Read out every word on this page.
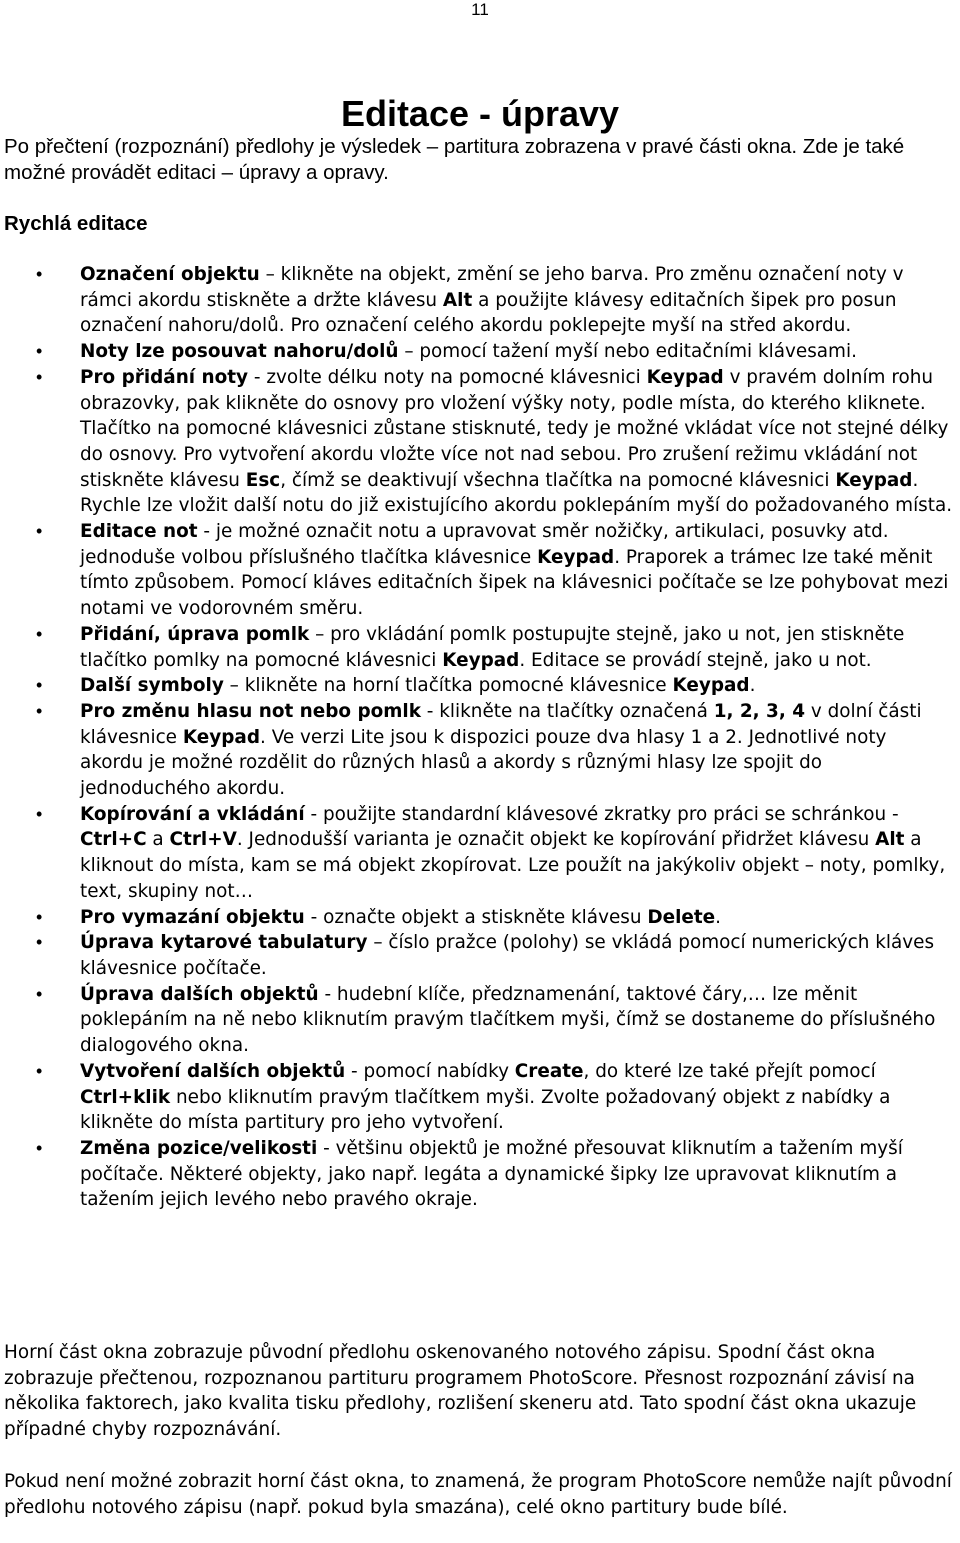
11
Editace - úpravy

Po přečtení (rozpoznání) předlohy je výsledek – partitura zobrazena v pravé části okna. Zde je také možné provádět editaci – úpravy a opravy.

Rychlá editace
• Označení objektu – klikněte na objekt, změní se jeho barva. Pro změnu označení noty v rámci akordu stiskněte a držte klávesu Alt a použijte klávesy editačních šipek pro posun označení nahoru/dolů. Pro označení celého akordu poklepejte myší na střed akordu.
• Noty lze posouvat nahoru/dolů – pomocí tažení myší nebo editačními klávesami.
• Pro přidání noty - zvolte délku noty na pomocné klávesnici Keypad v pravém dolním rohu obrazovky, pak klikněte do osnovy pro vložení výšky noty, podle místa, do kterého kliknete. Tlačítko na pomocné klávesnici zůstane stisknuté, tedy je možné vkládat více not stejné délky do osnovy. Pro vytvoření akordu vložte více not nad sebou. Pro zrušení režimu vkládání not stiskněte klávesu Esc, čímž se deaktivují všechna tlačítka na pomocné klávesnici Keypad. Rychle lze vložit další notu do již existujícího akordu poklepáním myší do požadovaného místa.
• Editace not - je možné označit notu a upravovat směr nožičky, artikulaci, posuvky atd. jednoduše volbou příslušného tlačítka klávesnice Keypad. Praporek a trámec lze také měnit tímto způsobem. Pomocí kláves editačních šipek na klávesnici počítače se lze pohybovat mezi notami ve vodorovném směru.
• Přidání, úprava pomlk – pro vkládání pomlk postupujte stejně, jako u not, jen stiskněte tlačítko pomlky na pomocné klávesnici Keypad. Editace se provádí stejně, jako u not.
• Další symboly – klikněte na horní tlačítka pomocné klávesnice Keypad.
• Pro změnu hlasu not nebo pomlk - klikněte na tlačítky označená 1, 2, 3, 4 v dolní části klávesnice Keypad. Ve verzi Lite jsou k dispozici pouze dva hlasy 1 a 2. Jednotlivé noty akordu je možné rozdělit do různých hlasů a akordy s různými hlasy lze spojit do jednoduchého akordu.
• Kopírování a vkládání - použijte standardní klávesové zkratky pro práci se schránkou - Ctrl+C a Ctrl+V. Jednodušší varianta je označit objekt ke kopírování přidržet klávesu Alt a kliknout do místa, kam se má objekt zkopírovat. Lze použít na jakýkoliv objekt – noty, pomlky, text, skupiny not…
• Pro vymazání objektu - označte objekt a stiskněte klávesu Delete.
• Úprava kytarové tabulatury – číslo pražce (polohy) se vkládá pomocí numerických kláves klávesnice počítače.
• Úprava dalších objektů - hudební klíče, předznamenání, taktové čáry,… lze měnit poklepáním na ně nebo kliknutím pravým tlačítkem myši, čímž se dostaneme do příslušného dialogového okna.
• Vytvoření dalších objektů - pomocí nabídky Create, do které lze také přejít pomocí Ctrl+klik nebo kliknutím pravým tlačítkem myši. Zvolte požadovaný objekt z nabídky a klikněte do místa partitury pro jeho vytvoření.
• Změna pozice/velikosti - většinu objektů je možné přesouvat kliknutím a tažením myší počítače. Některé objekty, jako např. legáta a dynamické šipky lze upravovat kliknutím a tažením jejich levého nebo pravého okraje.

Horní část okna zobrazuje původní předlohu oskenovaného notového zápisu. Spodní část okna zobrazuje přečtenou, rozpoznanou partituru programem PhotoScore. Přesnost rozpoznání závisí na několika faktorech, jako kvalita tisku předlohy, rozlišení skeneru atd. Tato spodní část okna ukazuje případné chyby rozpoznávání.

Pokud není možné zobrazit horní část okna, to znamená, že program PhotoScore nemůže najít původní předlohu notového zápisu (např. pokud byla smazána), celé okno partitury bude bílé.
